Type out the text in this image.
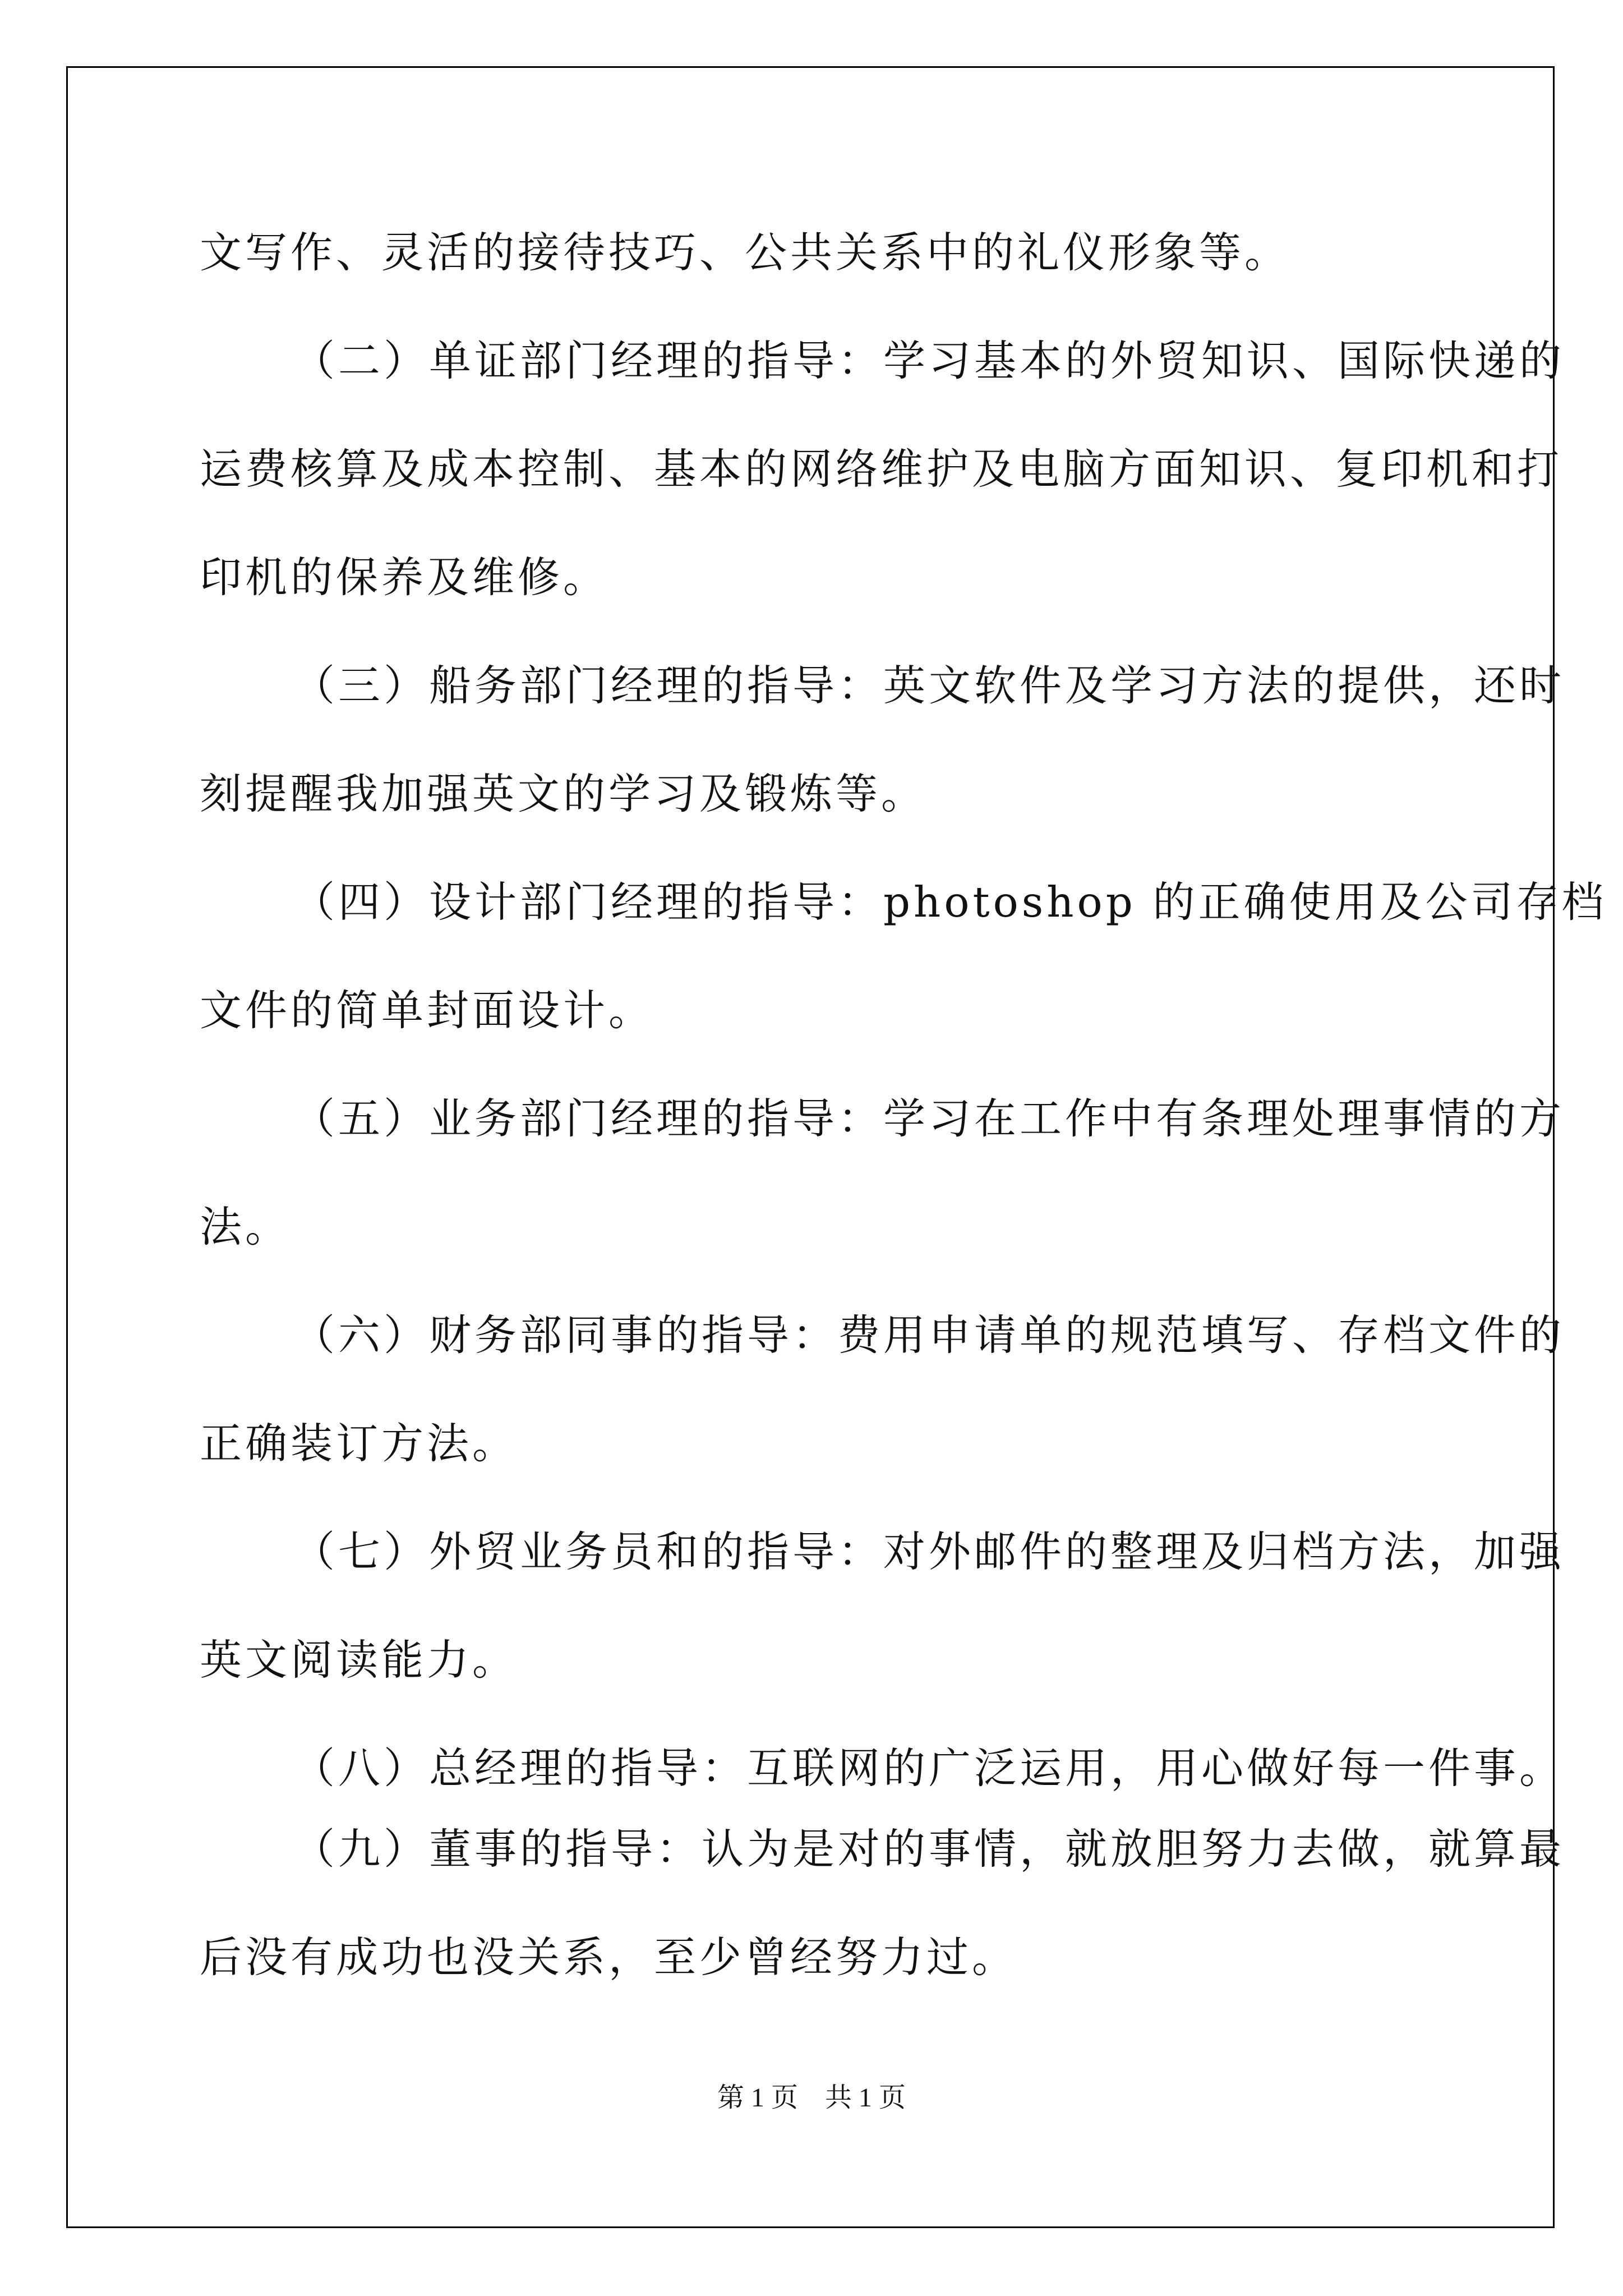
文写作、灵活的接待技巧、公共关系中的礼仪形象等。
（二）单证部门经理的指导：学习基本的外贸知识、国际快递的
运费核算及成本控制、基本的网络维护及电脑方面知识、复印机和打
印机的保养及维修。
（三）船务部门经理的指导：英文软件及学习方法的提供，还时
刻提醒我加强英文的学习及锻炼等。
（四）设计部门经理的指导：photoshop 的正确使用及公司存档
文件的简单封面设计。
（五）业务部门经理的指导：学习在工作中有条理处理事情的方
法。
（六）财务部同事的指导：费用申请单的规范填写、存档文件的
正确装订方法。
（七）外贸业务员和的指导：对外邮件的整理及归档方法，加强
英文阅读能力。
（八）总经理的指导：互联网的广泛运用，用心做好每一件事。
（九）董事的指导：认为是对的事情，就放胆努力去做，就算最
后没有成功也没关系，至少曾经努力过。
第 1 页　共 1 页
